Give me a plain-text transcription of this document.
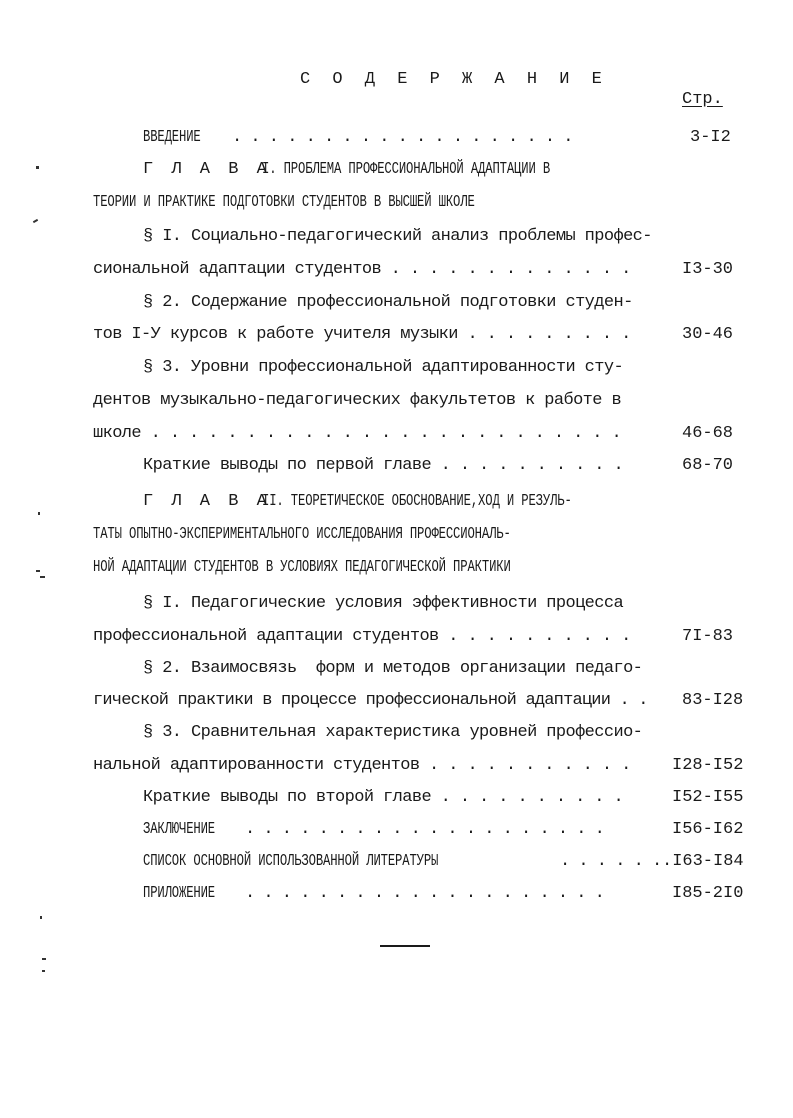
С О Д Е Р Ж А Н И Е
Стр.
ВВЕДЕНИЕ . . . . . . . . . . . . . . . . . . .	3-I2
Г Л А В А
I. ПРОБЛЕМА ПРОФЕССИОНАЛЬНОЙ АДАПТАЦИИ В
ТЕОРИИ И ПРАКТИКЕ ПОДГОТОВКИ СТУДЕНТОВ В ВЫСШЕЙ ШКОЛЕ
§ I. Социально-педагогический анализ проблемы профес-
сиональной адаптации студентов . . . . . . . . . . . . .	I3-30
§ 2. Содержание профессиональной подготовки студен-
тов I-У курсов к работе учителя музыки . . . . . . . . .	30-46
§ 3. Уровни профессиональной адаптированности сту-
дентов музыкально-педагогических факультетов к работе в
школе . . . . . . . . . . . . . . . . . . . . . . . . .	46-68
Краткие выводы по первой главе . . . . . . . . . .	68-70
Г Л А В А
II. ТЕОРЕТИЧЕСКОЕ ОБОСНОВАНИЕ,ХОД И РЕЗУЛЬ-
ТАТЫ ОПЫТНО-ЭКСПЕРИМЕНТАЛЬНОГО ИССЛЕДОВАНИЯ ПРОФЕССИОНАЛЬ-
НОЙ АДАПТАЦИИ СТУДЕНТОВ В УСЛОВИЯХ ПЕДАГОГИЧЕСКОЙ ПРАКТИКИ
§ I. Педагогические условия эффективности процесса
профессиональной адаптации студентов . . . . . . . . . .	7I-83
§ 2. Взаимосвязь  форм и методов организации педаго-
гической практики в процессе профессиональной адаптации . . 83-I28
§ 3. Сравнительная характеристика уровней профессио-
нальной адаптированности студентов . . . . . . . . . . . I28-I52
Краткие выводы по второй главе . . . . . . . . . .	I52-I55
ЗАКЛЮЧЕНИЕ . . . . . . . . . . . . . . . . . . . .	I56-I62
СПИСОК ОСНОВНОЙ ИСПОЛЬЗОВАННОЙ ЛИТЕРАТУРЫ	. . . . . . .I63-I84
ПРИЛОЖЕНИЕ . . . . . . . . . . . . . . . . . . . .	I85-2I0
